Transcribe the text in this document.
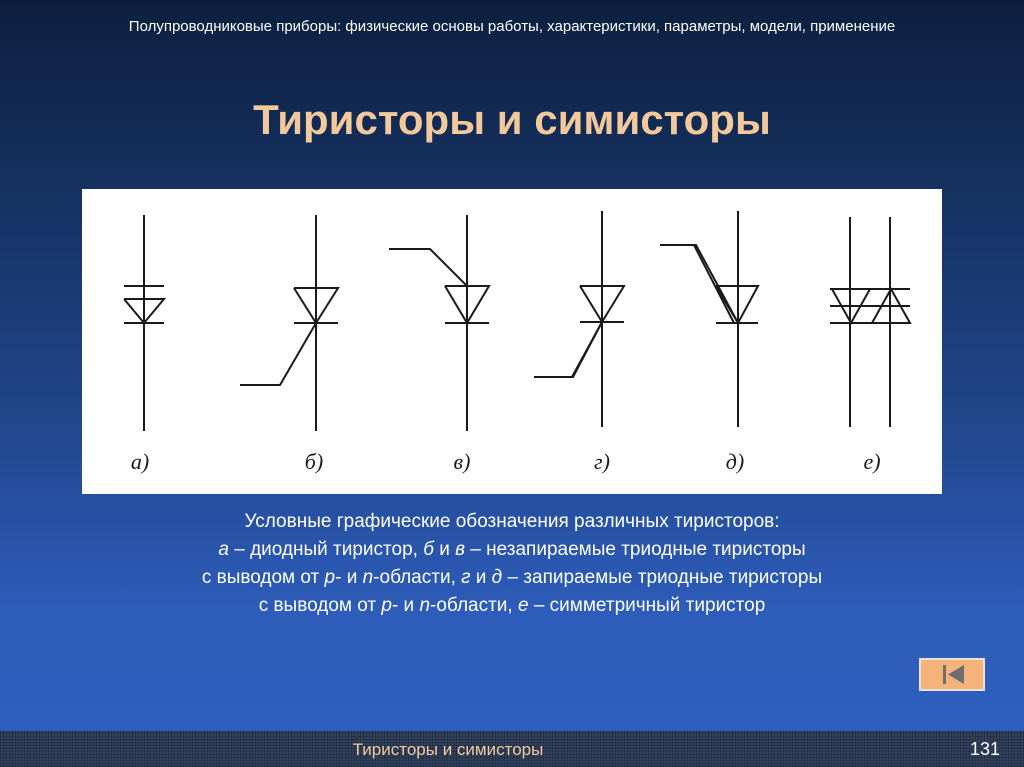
Полупроводниковые приборы: физические основы работы, характеристики, параметры, модели, применение
Тиристоры и симисторы
а)	б)	в)	г)	д)	е)
Условные графические обозначения различных тиристоров:
а – диодный тиристор, б и в – незапираемые триодные тиристоры
с выводом от р- и n-области, г и д – запираемые триодные тиристоры
с выводом от р- и n-области, е – симметричный тиристор
Тиристоры и симисторы	131
